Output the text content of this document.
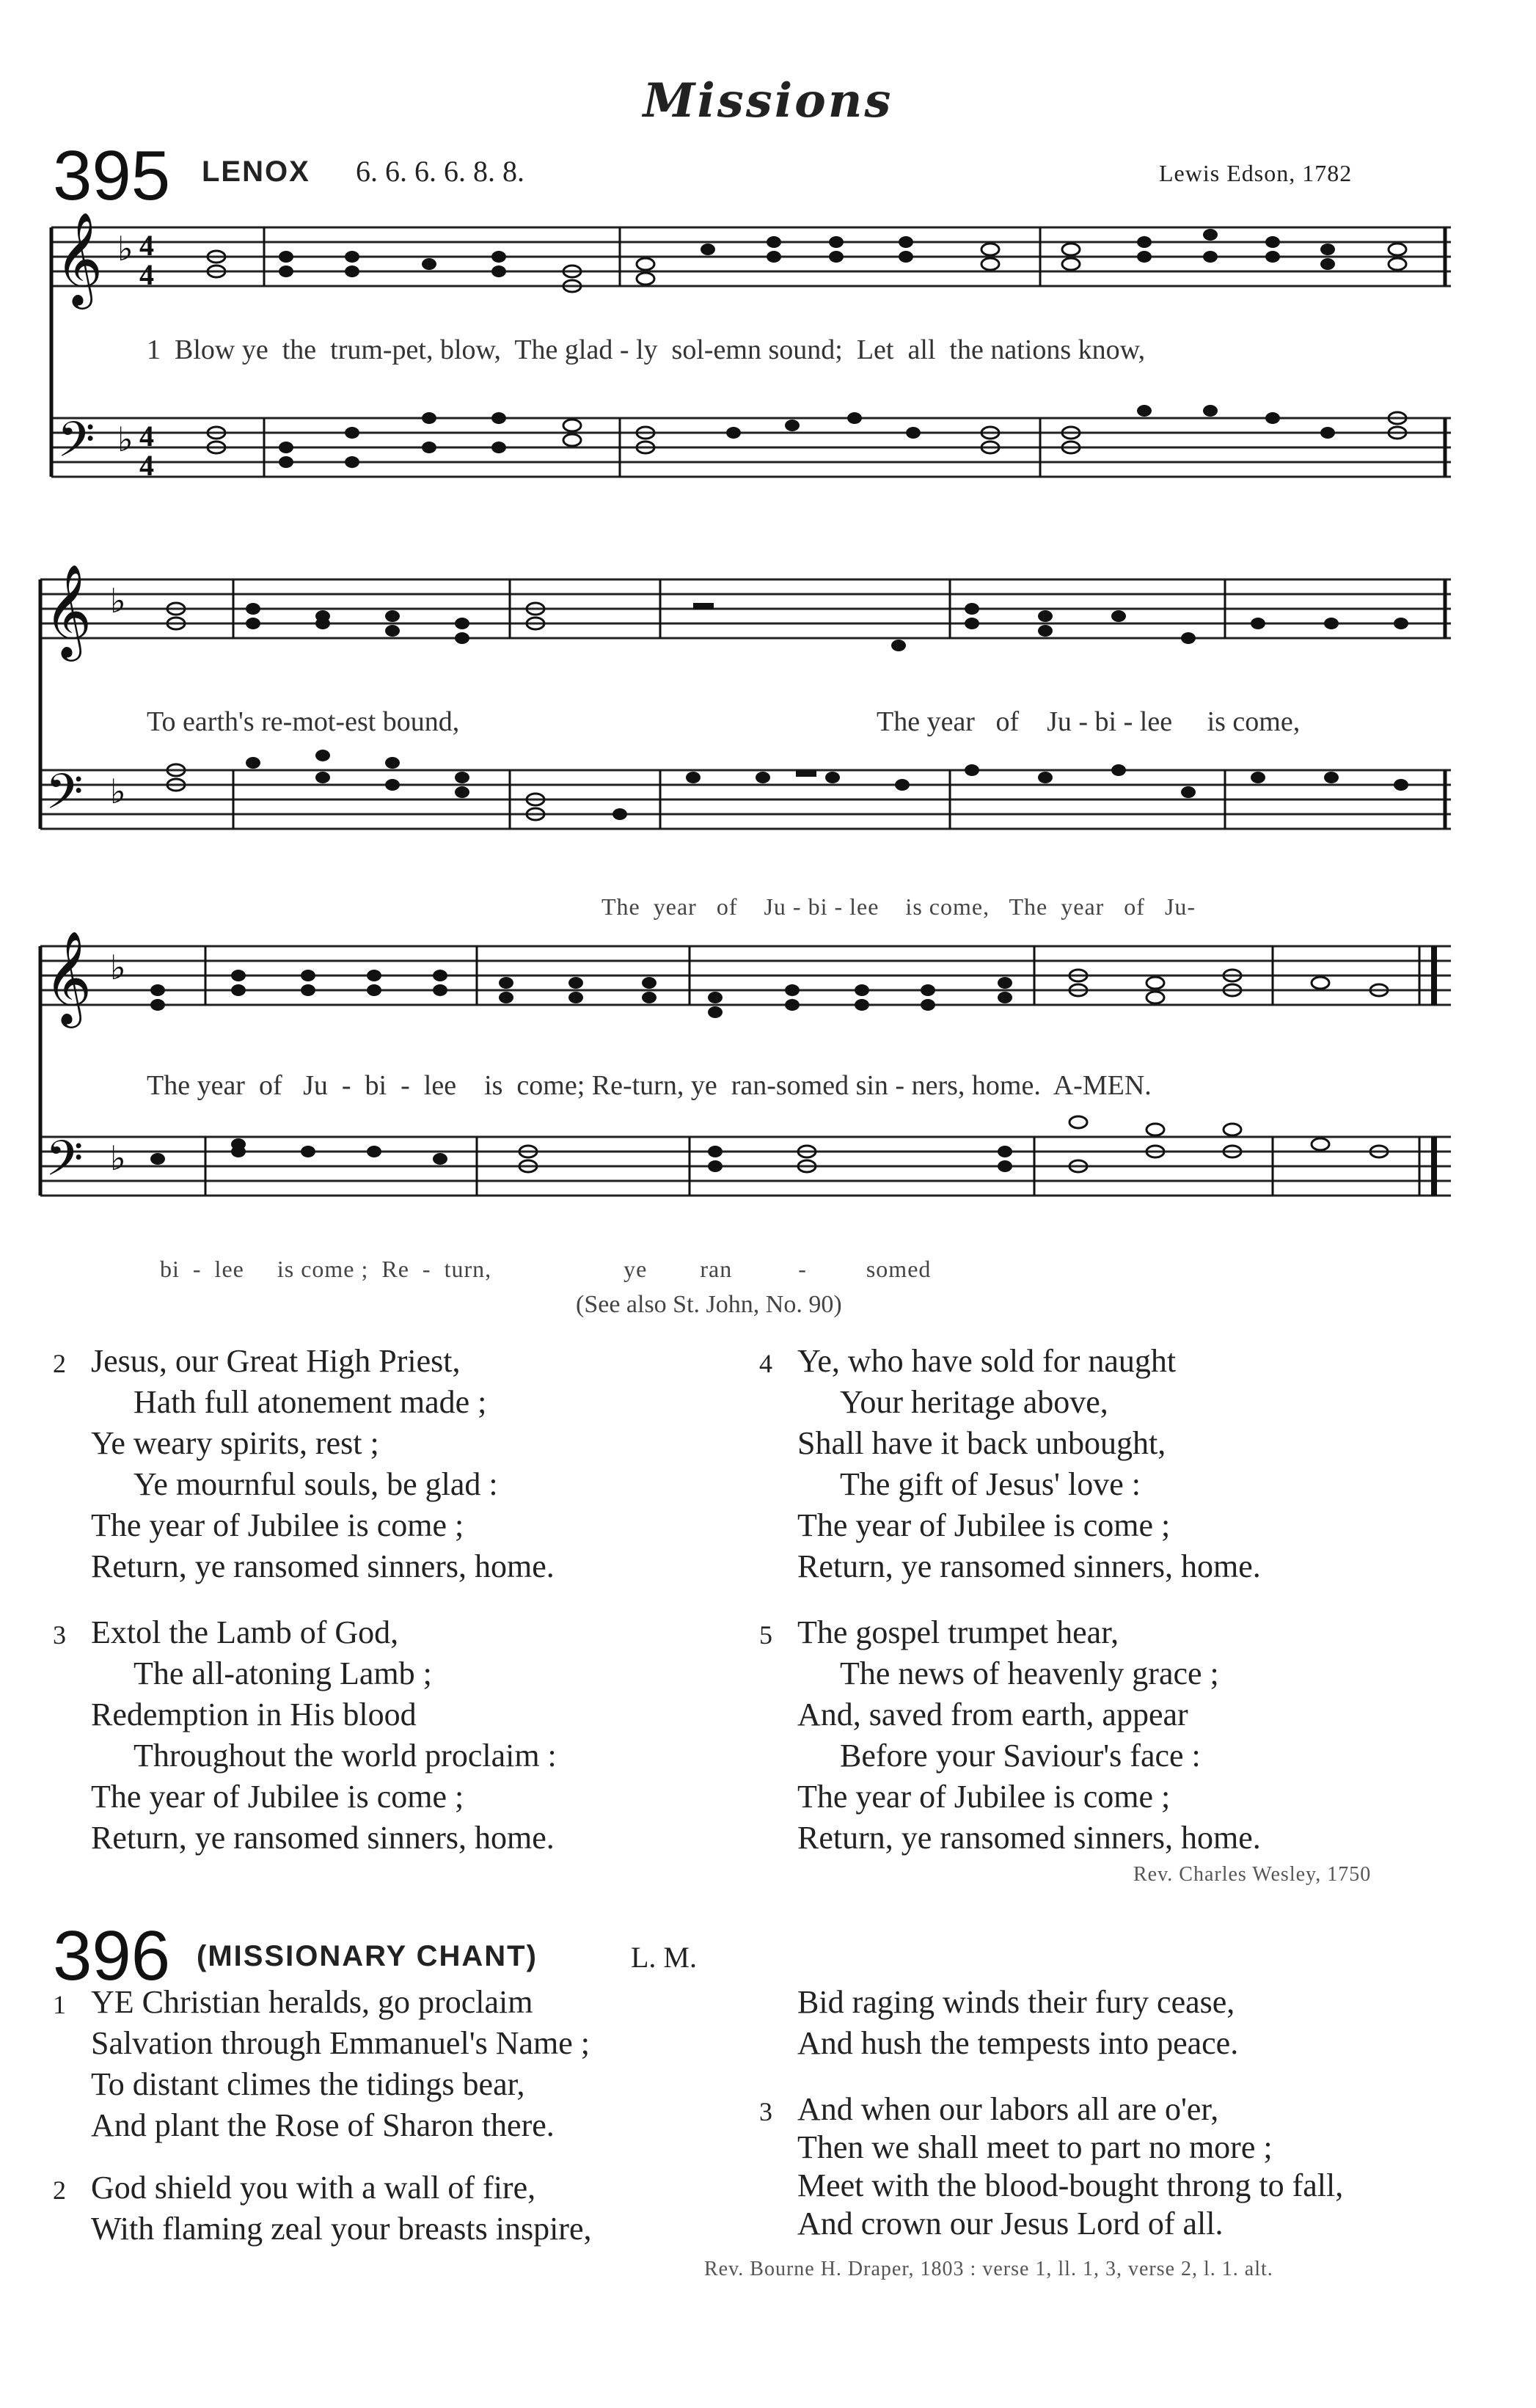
Missions
395 LENOX 6. 6. 6. 6. 8. 8.	Lewis Edson, 1782
𝄞
𝄢
♭
♭
4
4
4
4
1  Blow ye  the  trum-pet, blow,  The glad - ly  sol-emn sound;  Let  all  the nations know,
𝄞
𝄢
♭
♭
To earth's re-mot-est bound,	The year   of    Ju - bi - lee     is come,
The  year   of    Ju - bi - lee    is come,   The  year   of   Ju-
𝄞
𝄢
♭
♭
The year  of   Ju  -  bi  -  lee    is  come; Re-turn, ye  ran-somed sin - ners, home.  A-MEN.
bi  -  lee     is come ;  Re  -  turn,                    ye        ran          -         somed
(See also St. John, No. 90)
2 Jesus, our Great High Priest,
Hath full atonement made ;
Ye weary spirits, rest ;
Ye mournful souls, be glad :
The year of Jubilee is come ;
Return, ye ransomed sinners, home.
3 Extol the Lamb of God,
The all-atoning Lamb ;
Redemption in His blood
Throughout the world proclaim :
The year of Jubilee is come ;
Return, ye ransomed sinners, home.
4 Ye, who have sold for naught
Your heritage above,
Shall have it back unbought,
The gift of Jesus' love :
The year of Jubilee is come ;
Return, ye ransomed sinners, home.
5 The gospel trumpet hear,
The news of heavenly grace ;
And, saved from earth, appear
Before your Saviour's face :
The year of Jubilee is come ;
Return, ye ransomed sinners, home.
Rev. Charles Wesley, 1750
396 (MISSIONARY CHANT)	L. M.
1 YE Christian heralds, go proclaim
Salvation through Emmanuel's Name ;
To distant climes the tidings bear,
And plant the Rose of Sharon there.
2 God shield you with a wall of fire,
With flaming zeal your breasts inspire,
Bid raging winds their fury cease,
And hush the tempests into peace.
3 And when our labors all are o'er,
Then we shall meet to part no more ;
Meet with the blood-bought throng to fall,
And crown our Jesus Lord of all.
Rev. Bourne H. Draper, 1803 : verse 1, ll. 1, 3, verse 2, l. 1. alt.
